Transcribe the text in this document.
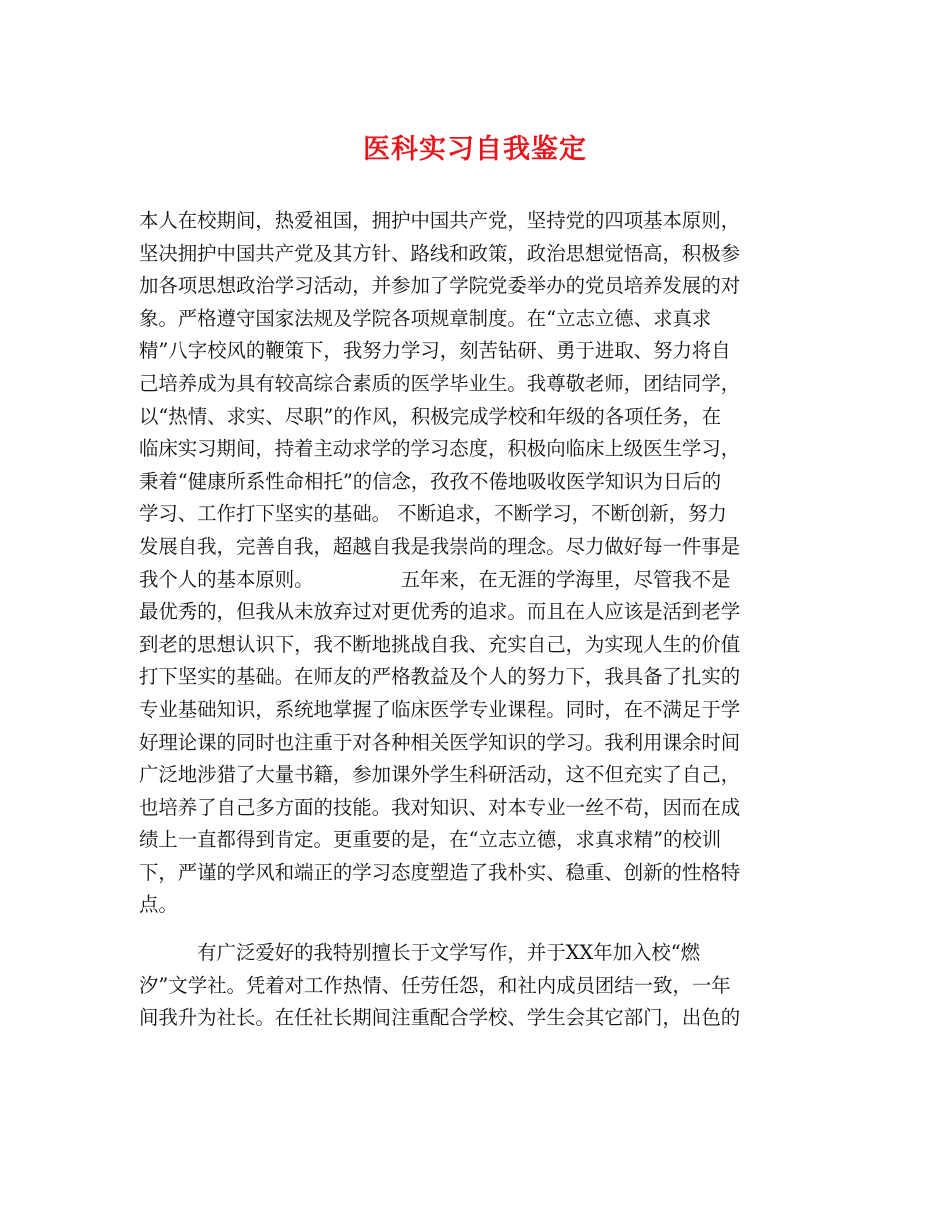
医科实习自我鉴定
本人在校期间，热爱祖国，拥护中国共产党，坚持党的四项基本原则，
坚决拥护中国共产党及其方针、路线和政策，政治思想觉悟高，积极参
加各项思想政治学习活动，并参加了学院党委举办的党员培养发展的对
象。严格遵守国家法规及学院各项规章制度。在“立志立德、求真求
精”八字校风的鞭策下，我努力学习，刻苦钻研、勇于进取、努力将自
己培养成为具有较高综合素质的医学毕业生。我尊敬老师，团结同学，
以“热情、求实、尽职”的作风，积极完成学校和年级的各项任务，在
临床实习期间，持着主动求学的学习态度，积极向临床上级医生学习，
秉着“健康所系性命相托”的信念，孜孜不倦地吸收医学知识为日后的
学习、工作打下坚实的基础。 不断追求，不断学习，不断创新，努力
发展自我，完善自我，超越自我是我崇尚的理念。尽力做好每一件事是
我个人的基本原则。　　　　　五年来，在无涯的学海里，尽管我不是
最优秀的，但我从未放弃过对更优秀的追求。而且在人应该是活到老学
到老的思想认识下，我不断地挑战自我、充实自己，为实现人生的价值
打下坚实的基础。在师友的严格教益及个人的努力下，我具备了扎实的
专业基础知识，系统地掌握了临床医学专业课程。同时，在不满足于学
好理论课的同时也注重于对各种相关医学知识的学习。我利用课余时间
广泛地涉猎了大量书籍，参加课外学生科研活动，这不但充实了自己，
也培养了自己多方面的技能。我对知识、对本专业一丝不苟，因而在成
绩上一直都得到肯定。更重要的是，在“立志立德，求真求精”的校训
下，严谨的学风和端正的学习态度塑造了我朴实、稳重、创新的性格特
点。
　　　有广泛爱好的我特别擅长于文学写作，并于XX年加入校“燃
汐”文学社。凭着对工作热情、任劳任怨，和社内成员团结一致，一年
间我升为社长。在任社长期间注重配合学校、学生会其它部门，出色的
